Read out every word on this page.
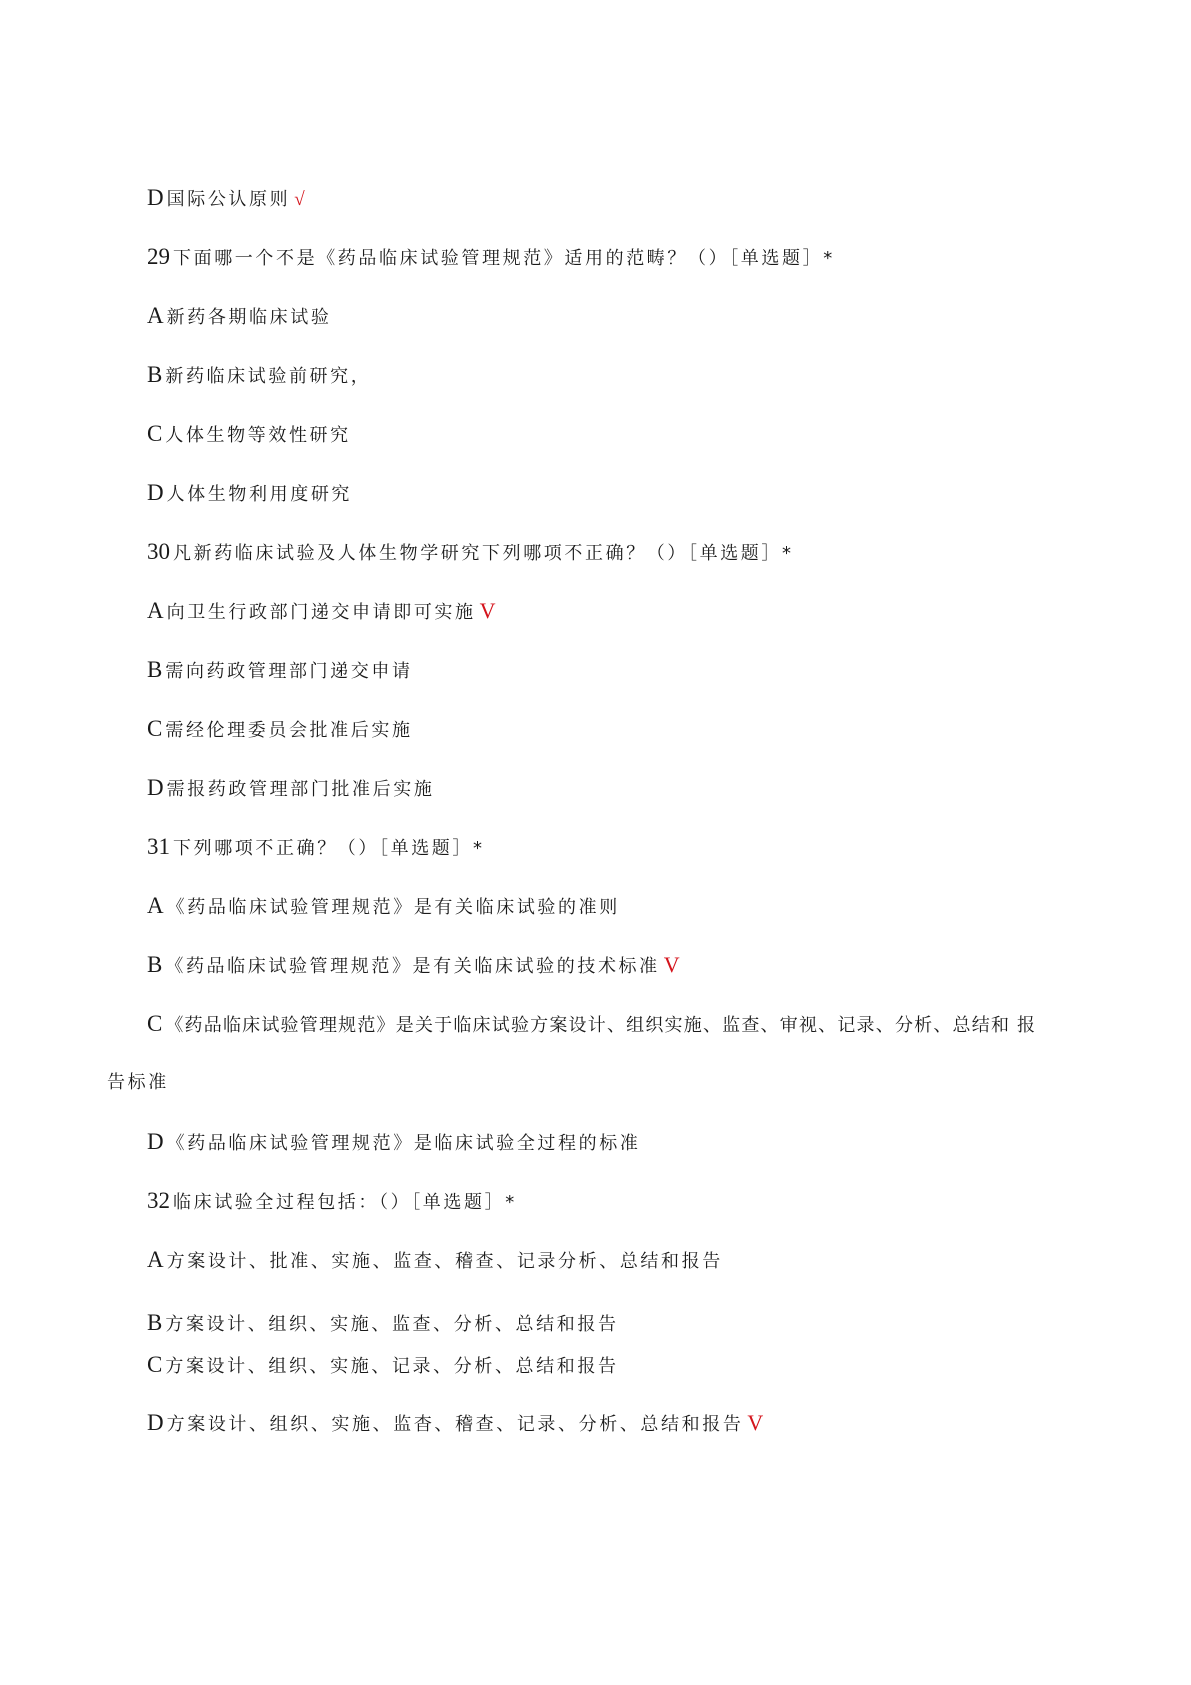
D 国际公认原则 √
29 下面哪一个不是《药品临床试验管理规范》适用的范畴？（）［单选题］*
A 新药各期临床试验
B 新药临床试验前研究，
C 人体生物等效性研究
D 人体生物利用度研究
30 凡新药临床试验及人体生物学研究下列哪项不正确？（）［单选题］*
A 向卫生行政部门递交申请即可实施 V
B 需向药政管理部门递交申请
C 需经伦理委员会批准后实施
D 需报药政管理部门批准后实施
31 下列哪项不正确？（）［单选题］*
A 《药品临床试验管理规范》是有关临床试验的准则
B 《药品临床试验管理规范》是有关临床试验的技术标准 V
C 《药品临床试验管理规范》是关于临床试验方案设计、组织实施、监查、审视、记录、分析、总结和 报
告标准
D 《药品临床试验管理规范》是临床试验全过程的标准
32 临床试验全过程包括：（）［单选题］*
A 方案设计、批准、实施、监查、稽查、记录分析、总结和报告
B 方案设计、组织、实施、监查、分析、总结和报告
C 方案设计、组织、实施、记录、分析、总结和报告
D 方案设计、组织、实施、监杳、稽查、记录、分析、总结和报告 V
